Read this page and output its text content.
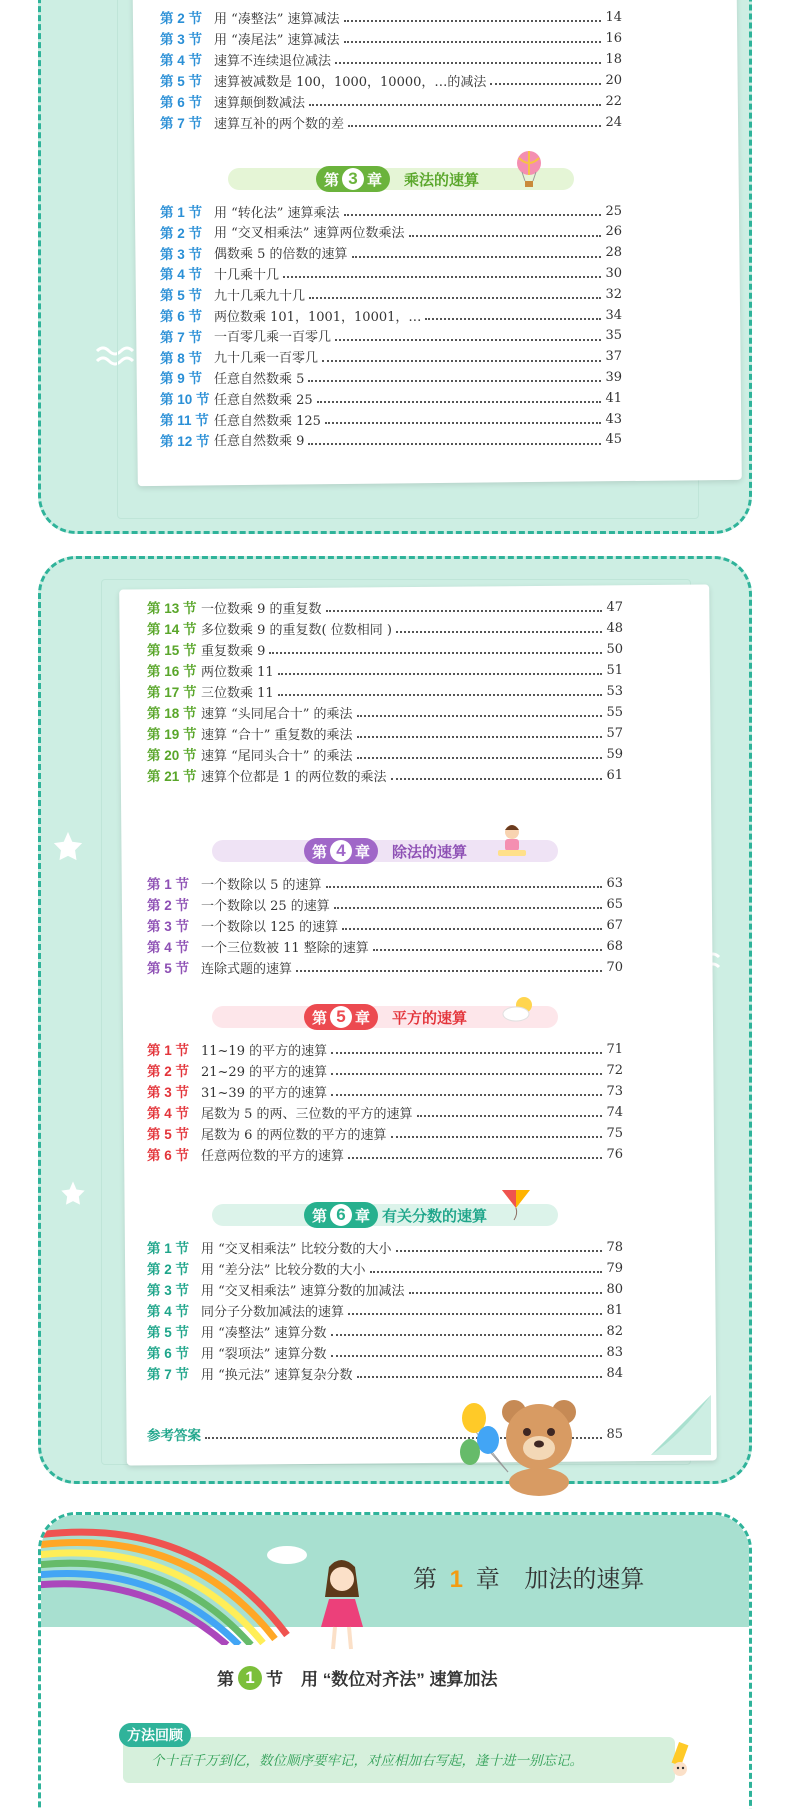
第 2 节 用 “凑整法” 速算减法	14
第 3 节 用 “凑尾法” 速算减法	16
第 4 节 速算不连续退位减法	18
第 5 节 速算被减数是 100，1000，10000，…的减法	20
第 6 节 速算颠倒数减法	22
第 7 节 速算互补的两个数的差	24
第 3 章 乘法的速算
第 1 节 用 “转化法” 速算乘法	25
第 2 节 用 “交叉相乘法” 速算两位数乘法	26
第 3 节 偶数乘 5 的倍数的速算	28
第 4 节 十几乘十几	30
第 5 节 九十几乘九十几	32
第 6 节 两位数乘 101，1001，10001，…	34
第 7 节 一百零几乘一百零几	35
第 8 节 九十几乘一百零几	37
第 9 节 任意自然数乘 5	39
第 10 节 任意自然数乘 25	41
第 11 节 任意自然数乘 125	43
第 12 节 任意自然数乘 9	45
第 13 节 一位数乘 9 的重复数	47
第 14 节 多位数乘 9 的重复数( 位数相同 )	48
第 15 节 重复数乘 9	50
第 16 节 两位数乘 11	51
第 17 节 三位数乘 11	53
第 18 节 速算 “头同尾合十” 的乘法	55
第 19 节 速算 “合十” 重复数的乘法	57
第 20 节 速算 “尾同头合十” 的乘法	59
第 21 节 速算个位都是 1 的两位数的乘法	61
第 4 章 除法的速算
第 1 节 一个数除以 5 的速算	63
第 2 节 一个数除以 25 的速算	65
第 3 节 一个数除以 125 的速算	67
第 4 节 一个三位数被 11 整除的速算	68
第 5 节 连除式题的速算	70
第 5 章 平方的速算
第 1 节 11~19 的平方的速算	71
第 2 节 21~29 的平方的速算	72
第 3 节 31~39 的平方的速算	73
第 4 节 尾数为 5 的两、三位数的平方的速算	74
第 5 节 尾数为 6 的两位数的平方的速算	75
第 6 节 任意两位数的平方的速算	76
第 6 章 有关分数的速算
第 1 节 用 “交叉相乘法” 比较分数的大小	78
第 2 节 用 “差分法” 比较分数的大小	79
第 3 节 用 “交叉相乘法” 速算分数的加减法	80
第 4 节 同分子分数加减法的速算	81
第 5 节 用 “凑整法” 速算分数	82
第 6 节 用 “裂项法” 速算分数	83
第 7 节 用 “换元法” 速算复杂分数	84
参考答案	85
第 1 章 加法的速算
第 1 节 用 “数位对齐法” 速算加法
方法回顾
个十百千万到亿，数位顺序要牢记，对应相加右写起，逢十进一别忘记。
